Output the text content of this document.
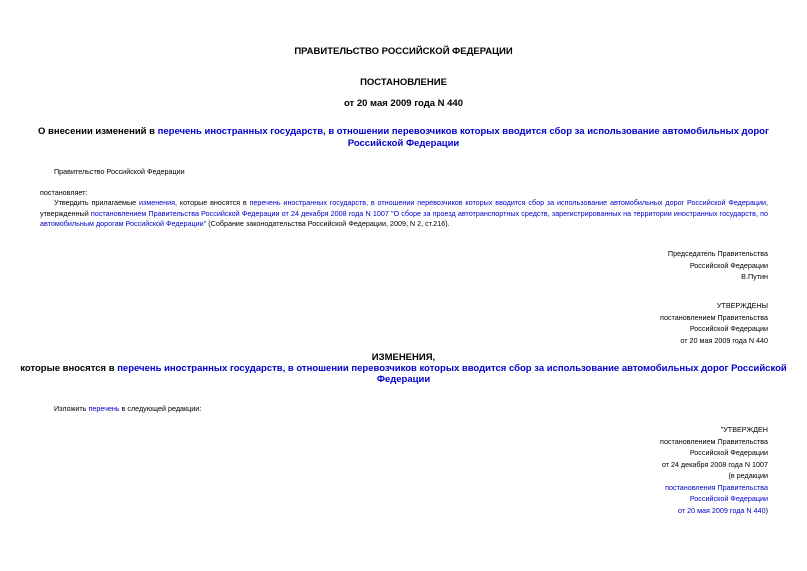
ПРАВИТЕЛЬСТВО РОССИЙСКОЙ ФЕДЕРАЦИИ
ПОСТАНОВЛЕНИЕ
от 20 мая 2009 года N 440
О внесении изменений в перечень иностранных государств, в отношении перевозчиков которых вводится сбор за использование автомобильных дорог
Российской Федерации
Правительство Российской Федерации
постановляет:
Утвердить прилагаемые изменения, которые вносятся в перечень иностранных государств, в отношении перевозчиков которых вводится сбор за использование автомобильных дорог Российской Федерации, утвержденный постановлением Правительства Российской Федерации от 24 декабря 2008 года N 1007 "О сборе за проезд автотранспортных средств, зарегистрированных на территории иностранных государств, по автомобильным дорогам Российской Федерации" (Собрание законодательства Российской Федерации, 2009, N 2, ст.216).
Председатель Правительства
Российской Федерации
В.Путин
УТВЕРЖДЕНЫ
постановлением Правительства
Российской Федерации
от 20 мая 2009 года N 440
ИЗМЕНЕНИЯ,
которые вносятся в перечень иностранных государств, в отношении перевозчиков которых вводится сбор за использование автомобильных дорог Российской
Федерации
Изложить перечень в следующей редакции:
"УТВЕРЖДЕН
постановлением Правительства
Российской Федерации
от 24 декабря 2008 года N 1007
(в редакции
постановления Правительства
Российской Федерации
от 20 мая 2009 года N 440)
